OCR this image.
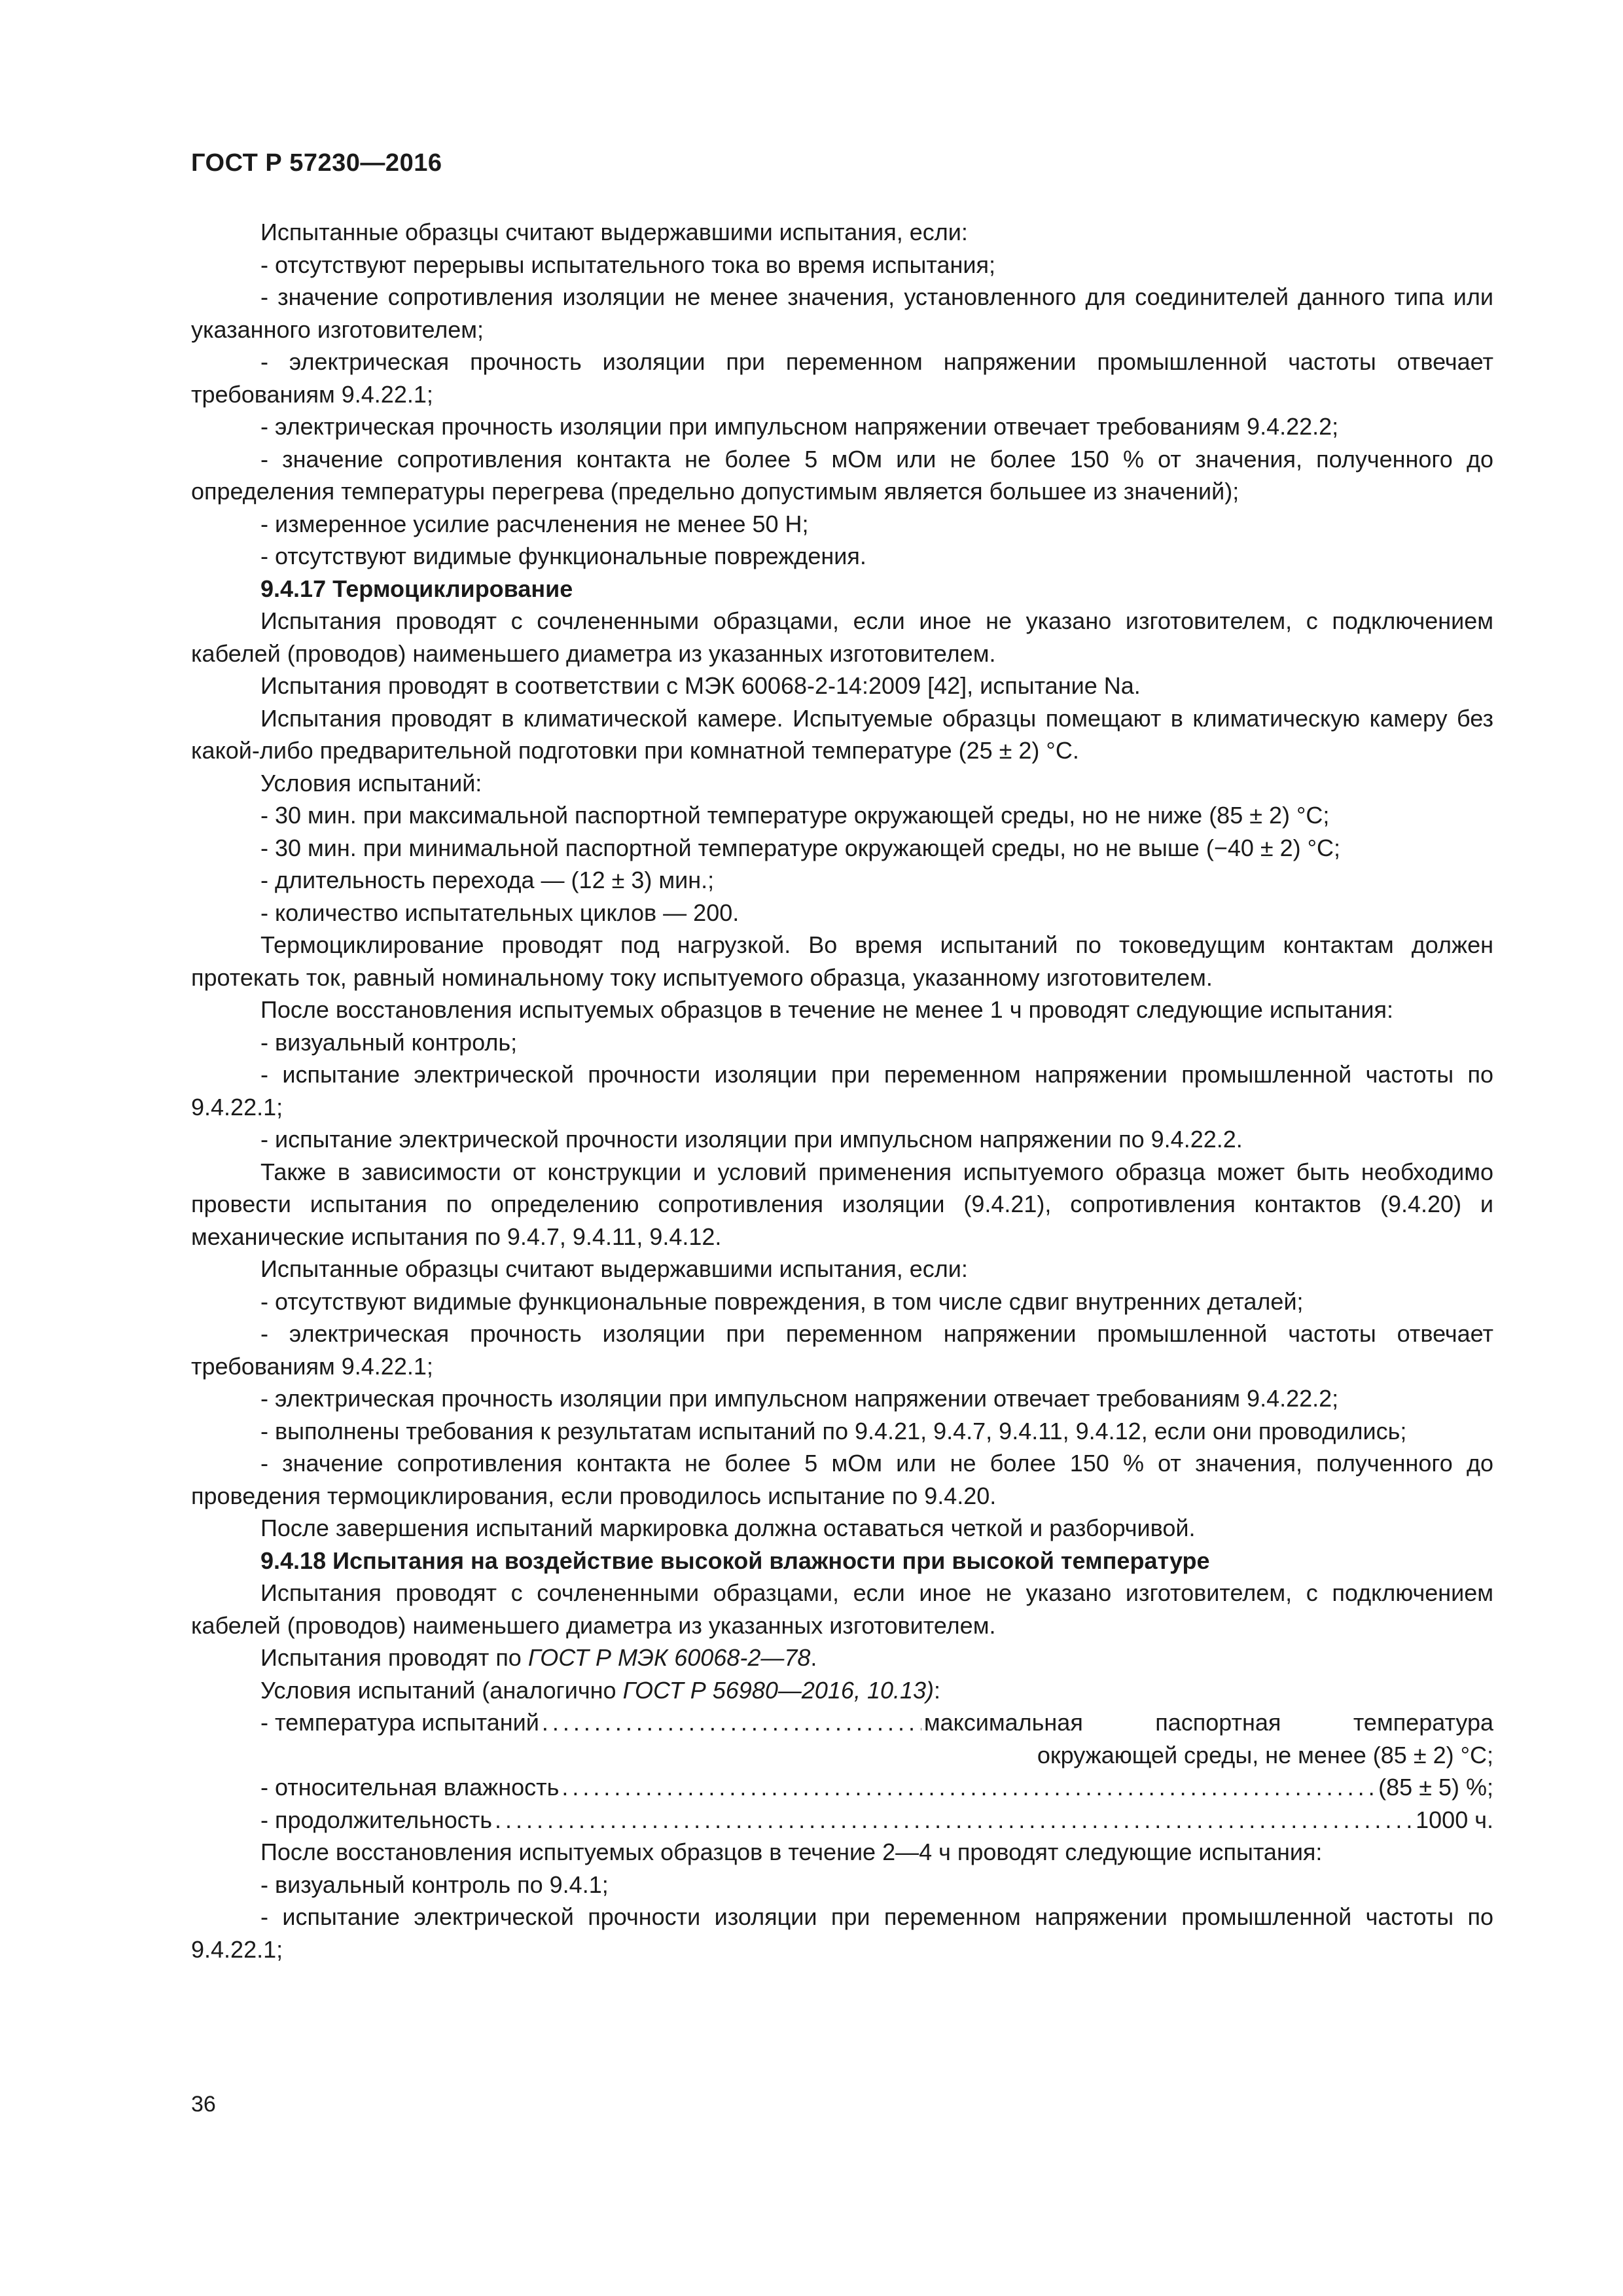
ГОСТ Р 57230—2016

Испытанные образцы считают выдержавшими испытания, если:

- отсутствуют перерывы испытательного тока во время испытания;

- значение сопротивления изоляции не менее значения, установленного для соединителей данного типа или указанного изготовителем;

- электрическая прочность изоляции при переменном напряжении промышленной частоты отвечает требованиям 9.4.22.1;

- электрическая прочность изоляции при импульсном напряжении отвечает требованиям 9.4.22.2;

- значение сопротивления контакта не более 5 мОм или не более 150 % от значения, полученного до определения температуры перегрева (предельно допустимым является большее из значений);

- измеренное усилие расчленения не менее 50 Н;

- отсутствуют видимые функциональные повреждения.

9.4.17 Термоциклирование

Испытания проводят с сочлененными образцами, если иное не указано изготовителем, с подключением кабелей (проводов) наименьшего диаметра из указанных изготовителем.

Испытания проводят в соответствии с МЭК 60068-2-14:2009 [42], испытание Na.

Испытания проводят в климатической камере. Испытуемые образцы помещают в климатическую камеру без какой-либо предварительной подготовки при комнатной температуре (25 ± 2) °С.

Условия испытаний:

- 30 мин. при максимальной паспортной температуре окружающей среды, но не ниже (85 ± 2) °С;

- 30 мин. при минимальной паспортной температуре окружающей среды, но не выше (−40 ± 2) °С;

- длительность перехода — (12 ± 3) мин.;

- количество испытательных циклов — 200.

Термоциклирование проводят под нагрузкой. Во время испытаний по токоведущим контактам должен протекать ток, равный номинальному току испытуемого образца, указанному изготовителем.

После восстановления испытуемых образцов в течение не менее 1 ч проводят следующие испытания:

- визуальный контроль;

- испытание электрической прочности изоляции при переменном напряжении промышленной частоты по 9.4.22.1;

- испытание электрической прочности изоляции при импульсном напряжении по 9.4.22.2.

Также в зависимости от конструкции и условий применения испытуемого образца может быть необходимо провести испытания по определению сопротивления изоляции (9.4.21), сопротивления контактов (9.4.20) и механические испытания по 9.4.7, 9.4.11, 9.4.12.

Испытанные образцы считают выдержавшими испытания, если:

- отсутствуют видимые функциональные повреждения, в том числе сдвиг внутренних деталей;

- электрическая прочность изоляции при переменном напряжении промышленной частоты отвечает требованиям 9.4.22.1;

- электрическая прочность изоляции при импульсном напряжении отвечает требованиям 9.4.22.2;

- выполнены требования к результатам испытаний по 9.4.21, 9.4.7, 9.4.11, 9.4.12, если они проводились;

- значение сопротивления контакта не более 5 мОм или не более 150 % от значения, полученного до проведения термоциклирования, если проводилось испытание по 9.4.20.

После завершения испытаний маркировка должна оставаться четкой и разборчивой.

9.4.18 Испытания на воздействие высокой влажности при высокой температуре

Испытания проводят с сочлененными образцами, если иное не указано изготовителем, с подключением кабелей (проводов) наименьшего диаметра из указанных изготовителем.

Испытания проводят по ГОСТ Р МЭК 60068-2—78.

Условия испытаний (аналогично ГОСТ Р 56980—2016, 10.13):

- температура испытаний . . .	максимальная паспортная температура

окружающей среды, не менее (85 ± 2) °С;

- относительная влажность . . .	(85 ± 5) %;
- продолжительность . . .	1000 ч.

После восстановления испытуемых образцов в течение 2—4 ч проводят следующие испытания:

- визуальный контроль по 9.4.1;

- испытание электрической прочности изоляции при переменном напряжении промышленной частоты по 9.4.22.1;

36
